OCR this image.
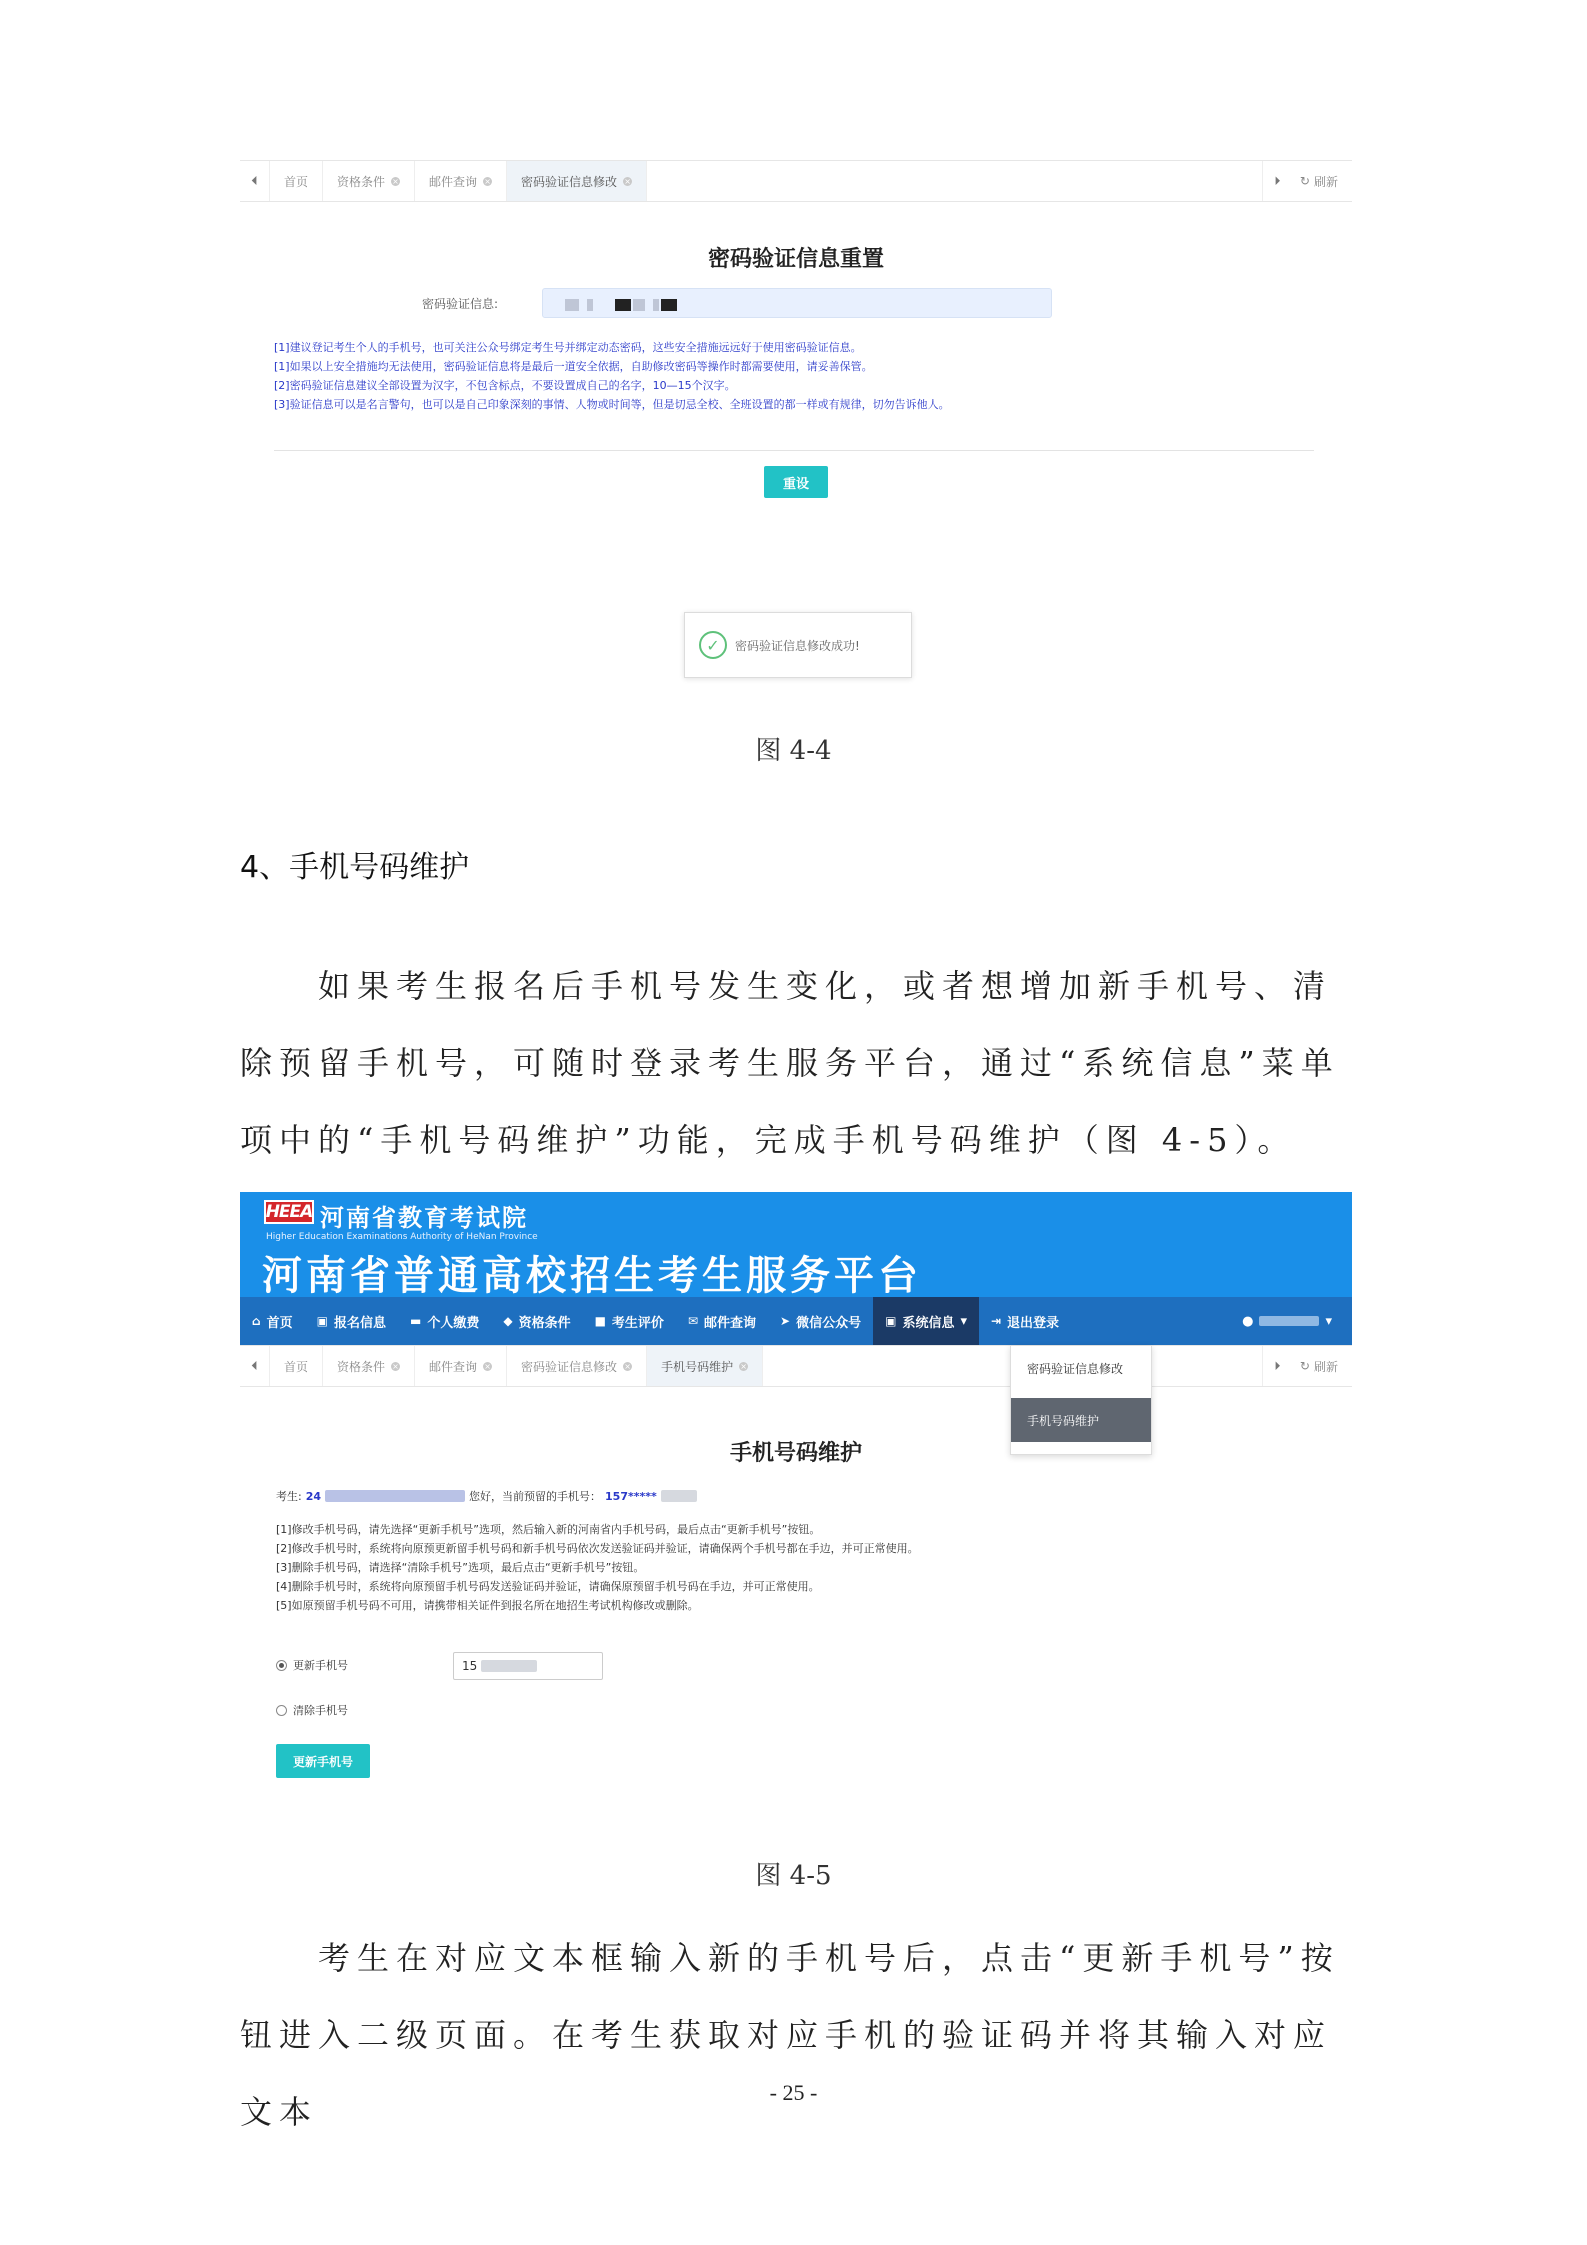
⏴	首页 资格条件 ×	邮件查询 ×	密码验证信息修改 ×	⏵	↻ 刷新
密码验证信息重置
密码验证信息:
[1]建议登记考生个人的手机号，也可关注公众号绑定考生号并绑定动态密码，这些安全措施远远好于使用密码验证信息。
[1]如果以上安全措施均无法使用，密码验证信息将是最后一道安全依据，自助修改密码等操作时都需要使用，请妥善保管。
[2]密码验证信息建议全部设置为汉字，不包含标点，不要设置成自己的名字，10—15个汉字。
[3]验证信息可以是名言警句，也可以是自己印象深刻的事情、人物或时间等，但是切忌全校、全班设置的都一样或有规律，切勿告诉他人。
重设
✓	密码验证信息修改成功!
图 4-4
4、手机号码维护
如果考生报名后手机号发生变化，或者想增加新手机号、清除预留手机号，可随时登录考生服务平台，通过“系统信息”菜单项中的“手机号码维护”功能，完成手机号码维护（图 4-5）。
HEEA 河南省教育考试院
Higher Education Examinations Authority of HeNan Province
河南省普通高校招生考生服务平台
⌂ 首页 ▣ 报名信息 ▬ 个人缴费 ◆ 资格条件 ■ 考生评价 ✉ 邮件查询 ➤ 微信公众号 ▣ 系统信息 ▾ ⇥ 退出登录	●	▾
⏴	首页 资格条件 ×	邮件查询 ×	密码验证信息修改 ×	手机号码维护 ×	⏵	↻ 刷新
密码验证信息修改
手机号码维护
手机号码维护
考生: 24	您好，当前预留的手机号： 157*****
[1]修改手机号码，请先选择“更新手机号”选项，然后输入新的河南省内手机号码，最后点击“更新手机号”按钮。
[2]修改手机号时，系统将向原预更新留手机号码和新手机号码依次发送验证码并验证，请确保两个手机号都在手边，并可正常使用。
[3]删除手机号码，请选择“清除手机号”选项，最后点击“更新手机号”按钮。
[4]删除手机号时，系统将向原预留手机号码发送验证码并验证，请确保原预留手机号码在手边，并可正常使用。
[5]如原预留手机号码不可用，请携带相关证件到报名所在地招生考试机构修改或删除。
更新手机号	15
清除手机号
更新手机号
图 4-5
考生在对应文本框输入新的手机号后，点击“更新手机号”按钮进入二级页面。在考生获取对应手机的验证码并将其输入对应文本
- 25 -
